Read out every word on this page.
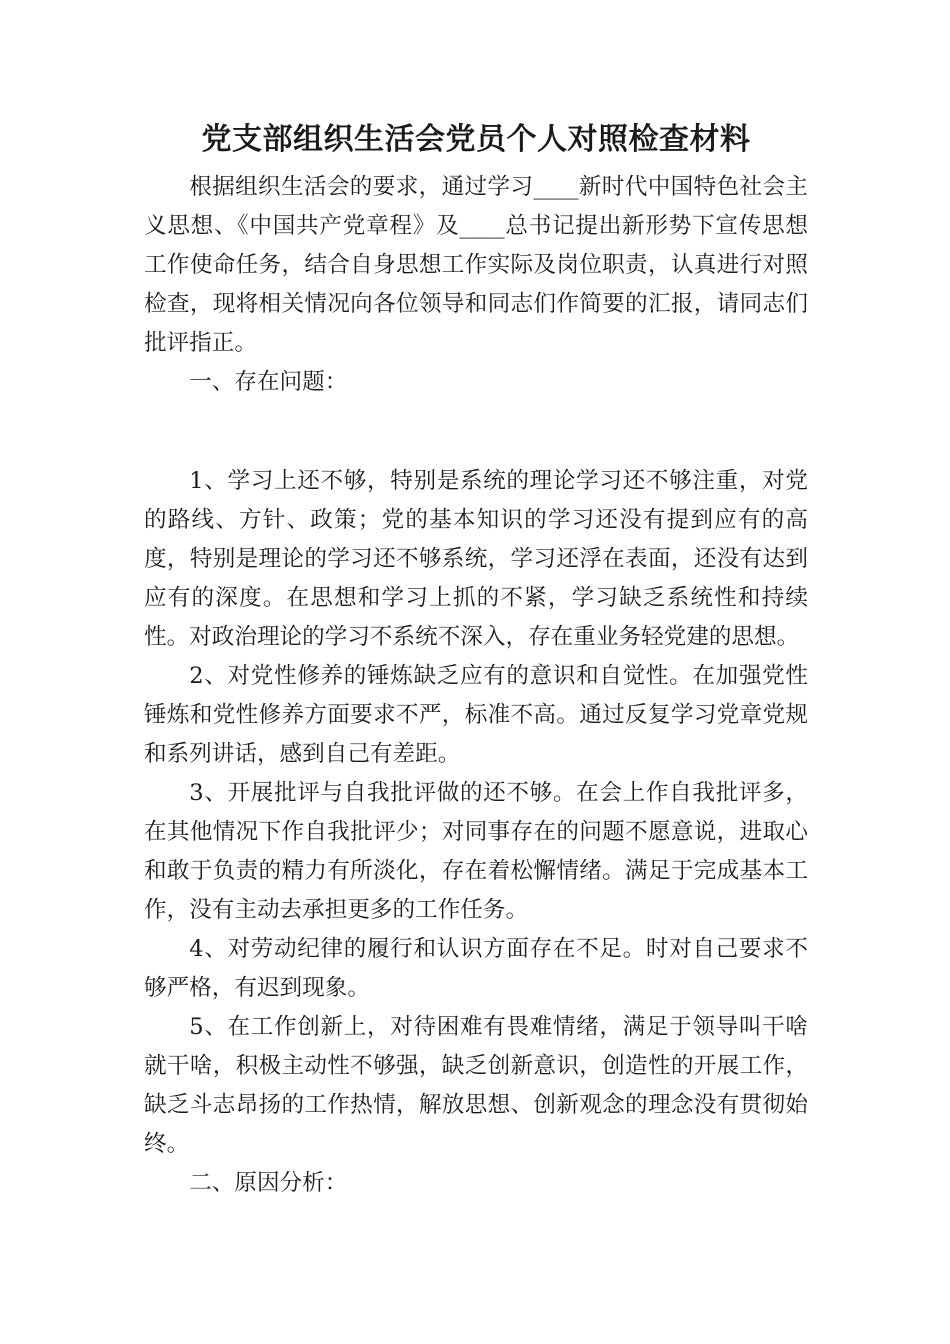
党支部组织生活会党员个人对照检查材料

根据组织生活会的要求，通过学习____新时代中国特色社会主义思想、《中国共产党章程》及____总书记提出新形势下宣传思想工作使命任务，结合自身思想工作实际及岗位职责，认真进行对照检查，现将相关情况向各位领导和同志们作简要的汇报，请同志们批评指正。

一、存在问题：

1、学习上还不够，特别是系统的理论学习还不够注重，对党的路线、方针、政策；党的基本知识的学习还没有提到应有的高度，特别是理论的学习还不够系统，学习还浮在表面，还没有达到应有的深度。在思想和学习上抓的不紧，学习缺乏系统性和持续性。对政治理论的学习不系统不深入，存在重业务轻党建的思想。

2、对党性修养的锤炼缺乏应有的意识和自觉性。在加强党性锤炼和党性修养方面要求不严，标准不高。通过反复学习党章党规和系列讲话，感到自己有差距。

3、开展批评与自我批评做的还不够。在会上作自我批评多，在其他情况下作自我批评少；对同事存在的问题不愿意说，进取心和敢于负责的精力有所淡化，存在着松懈情绪。满足于完成基本工作，没有主动去承担更多的工作任务。

4、对劳动纪律的履行和认识方面存在不足。时对自己要求不够严格，有迟到现象。

5、在工作创新上，对待困难有畏难情绪，满足于领导叫干啥就干啥，积极主动性不够强，缺乏创新意识，创造性的开展工作，缺乏斗志昂扬的工作热情，解放思想、创新观念的理念没有贯彻始终。

二、原因分析：
